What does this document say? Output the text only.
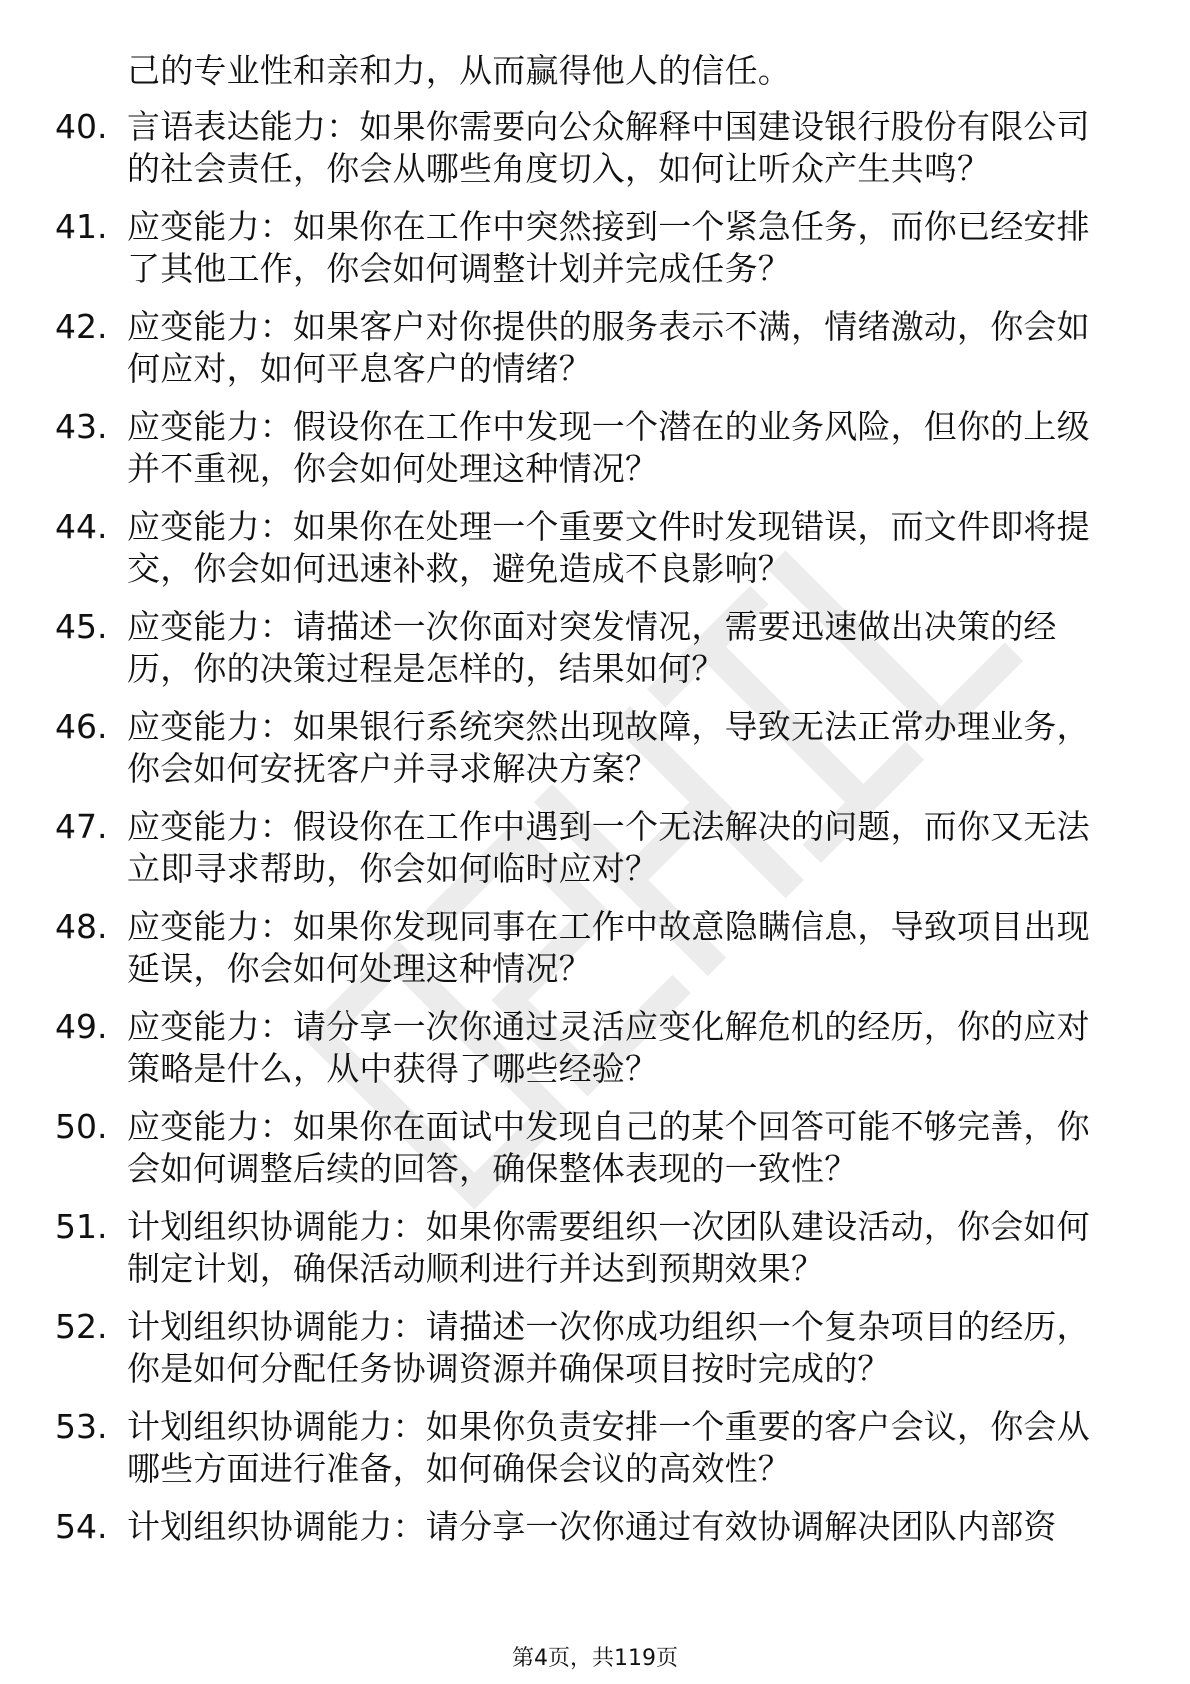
己的专业性和亲和力，从而赢得他人的信任。

40. 言语表达能力：如果你需要向公众解释中国建设银行股份有限公司的社会责任，你会从哪些角度切入，如何让听众产生共鸣？
41. 应变能力：如果你在工作中突然接到一个紧急任务，而你已经安排了其他工作，你会如何调整计划并完成任务？
42. 应变能力：如果客户对你提供的服务表示不满，情绪激动，你会如何应对，如何平息客户的情绪？
43. 应变能力：假设你在工作中发现一个潜在的业务风险，但你的上级并不重视，你会如何处理这种情况？
44. 应变能力：如果你在处理一个重要文件时发现错误，而文件即将提交，你会如何迅速补救，避免造成不良影响？
45. 应变能力：请描述一次你面对突发情况，需要迅速做出决策的经历，你的决策过程是怎样的，结果如何？
46. 应变能力：如果银行系统突然出现故障，导致无法正常办理业务，你会如何安抚客户并寻求解决方案？
47. 应变能力：假设你在工作中遇到一个无法解决的问题，而你又无法立即寻求帮助，你会如何临时应对？
48. 应变能力：如果你发现同事在工作中故意隐瞒信息，导致项目出现延误，你会如何处理这种情况？
49. 应变能力：请分享一次你通过灵活应变化解危机的经历，你的应对策略是什么，从中获得了哪些经验？
50. 应变能力：如果你在面试中发现自己的某个回答可能不够完善，你会如何调整后续的回答，确保整体表现的一致性？
51. 计划组织协调能力：如果你需要组织一次团队建设活动，你会如何制定计划，确保活动顺利进行并达到预期效果？
52. 计划组织协调能力：请描述一次你成功组织一个复杂项目的经历，你是如何分配任务协调资源并确保项目按时完成的？
53. 计划组织协调能力：如果你负责安排一个重要的客户会议，你会从哪些方面进行准备，如何确保会议的高效性？
54. 计划组织协调能力：请分享一次你通过有效协调解决团队内部资
第4页，共119页
